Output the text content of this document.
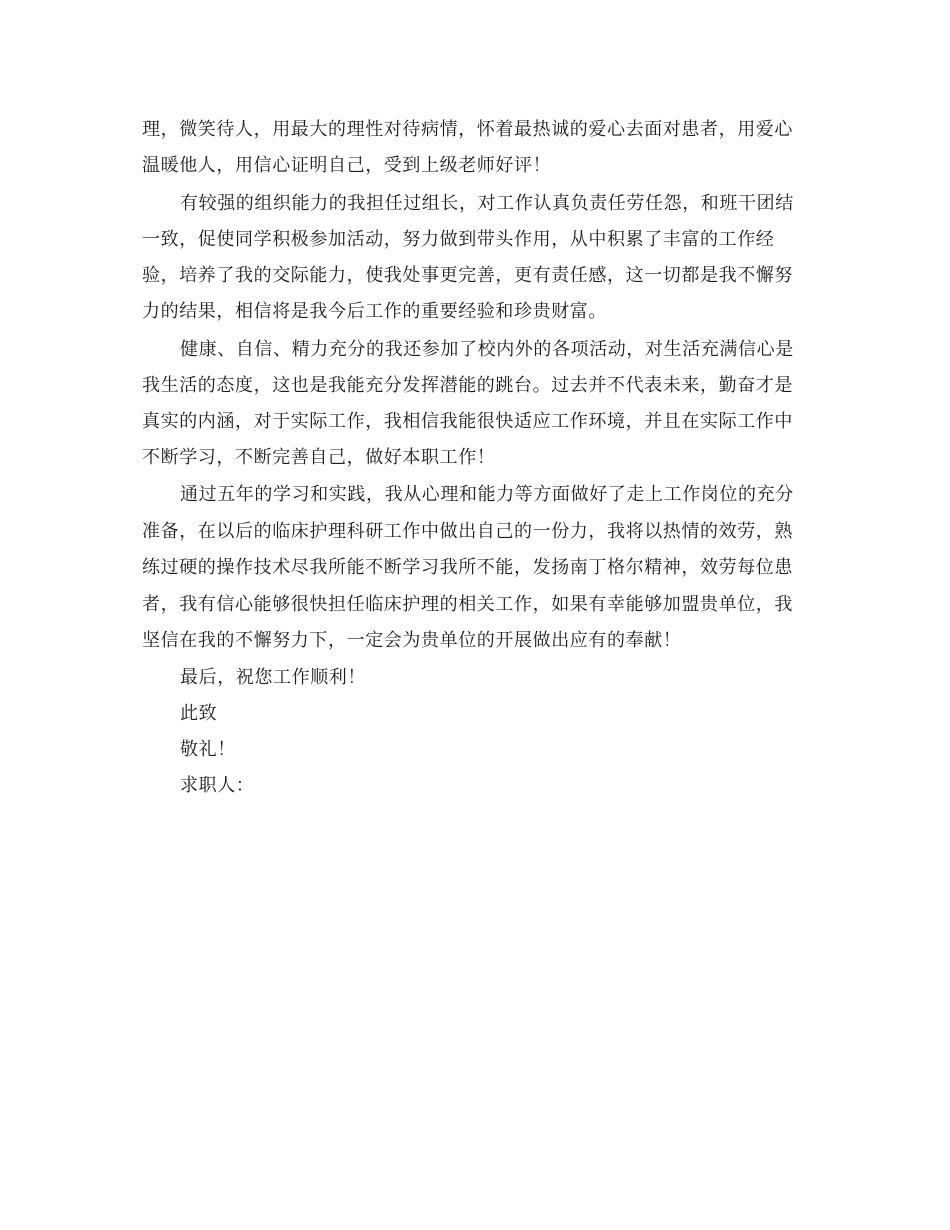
理，微笑待人，用最大的理性对待病情，怀着最热诚的爱心去面对患者，用爱心
温暖他人，用信心证明自己，受到上级老师好评！
有较强的组织能力的我担任过组长，对工作认真负责任劳任怨，和班干团结
一致，促使同学积极参加活动，努力做到带头作用，从中积累了丰富的工作经
验，培养了我的交际能力，使我处事更完善，更有责任感，这一切都是我不懈努
力的结果，相信将是我今后工作的重要经验和珍贵财富。
健康、自信、精力充分的我还参加了校内外的各项活动，对生活充满信心是
我生活的态度，这也是我能充分发挥潜能的跳台。过去并不代表未来，勤奋才是
真实的内涵，对于实际工作，我相信我能很快适应工作环境，并且在实际工作中
不断学习，不断完善自己，做好本职工作！
通过五年的学习和实践，我从心理和能力等方面做好了走上工作岗位的充分
准备，在以后的临床护理科研工作中做出自己的一份力，我将以热情的效劳，熟
练过硬的操作技术尽我所能不断学习我所不能，发扬南丁格尔精神，效劳每位患
者，我有信心能够很快担任临床护理的相关工作，如果有幸能够加盟贵单位，我
坚信在我的不懈努力下，一定会为贵单位的开展做出应有的奉献！
最后，祝您工作顺利！
此致
敬礼！
求职人：
